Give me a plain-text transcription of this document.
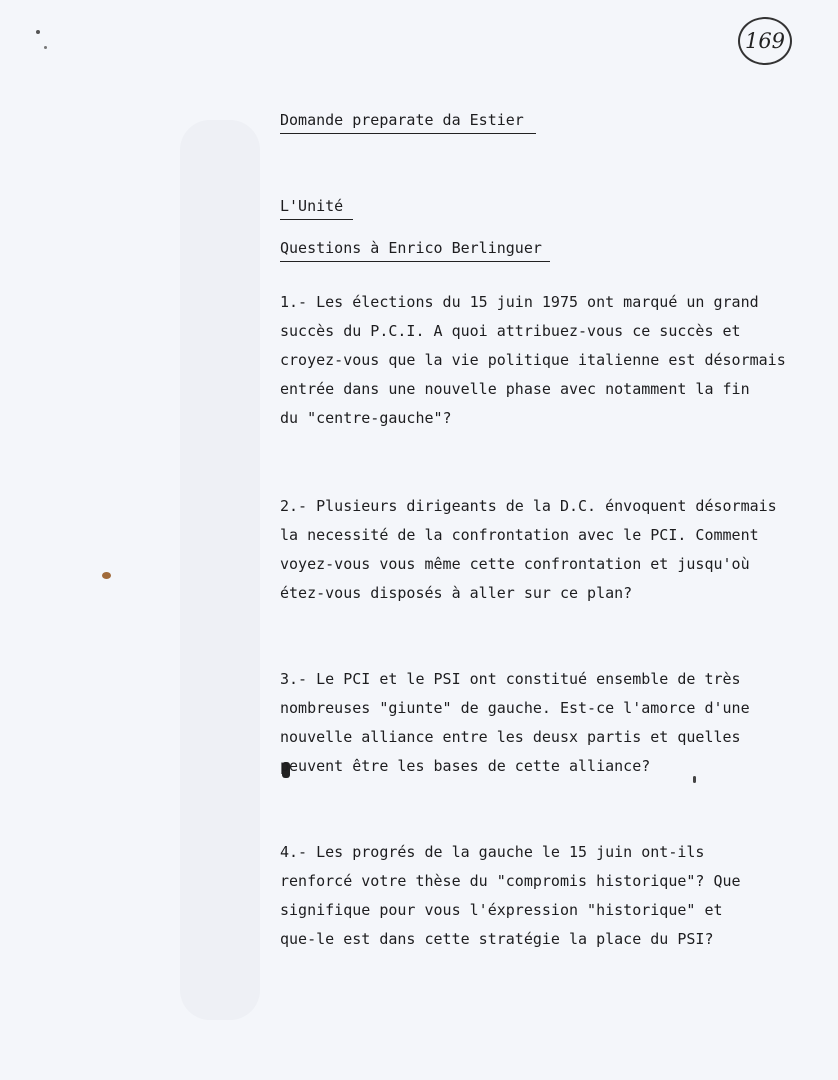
169
Domande preparate da Estier
L'Unité
Questions à Enrico Berlinguer
1.- Les élections du 15 juin 1975 ont marqué un grand
succès du P.C.I. A quoi attribuez-vous ce succès et
croyez-vous que la vie politique italienne est désormais
entrée dans une nouvelle phase avec notamment la fin
du "centre-gauche"?
2.- Plusieurs dirigeants de la D.C. énvoquent désormais
la necessité de la confrontation avec le PCI. Comment
voyez-vous vous même cette confrontation et jusqu'où
étez-vous disposés à aller sur ce plan?
3.- Le PCI et le PSI ont constitué ensemble de très
nombreuses "giunte" de gauche. Est-ce l'amorce d'une
nouvelle alliance entre les deusx partis et quelles
peuvent être les bases de cette alliance?
4.- Les progrés de la gauche le 15 juin ont-ils
renforcé votre thèse du "compromis historique"? Que
signifique pour vous l'éxpression "historique" et
que-le est dans cette stratégie la place du PSI?
